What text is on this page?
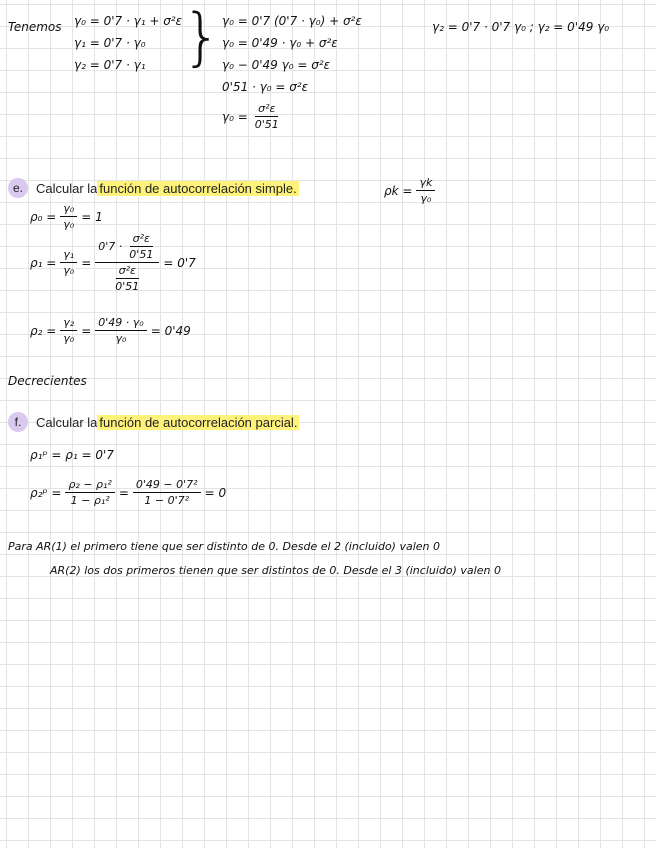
Tenemos γ₀ = 0'7 · γ₁ + σ²ε
γ₁ = 0'7 · γ₀
γ₂ = 0'7 · γ₁ } γ₀ = 0'7 (0'7 · γ₀) + σ²ε
γ₀ = 0'49 · γ₀ + σ²ε
γ₀ − 0'49 γ₀ = σ²ε
0'51 · γ₀ = σ²ε
$\gamma_0 = \frac{\text{σ²ε}}{0'51}$
γ₂ = 0'7 · 0'7 γ₀ ; γ₂ = 0'49 γ₀
e.	Calcular la función de autocorrelación simple.	$\rho k = \frac{\gamma k}{\text{γ₀}}$
$\rho_0 = \frac{\text{γ₀}}{\text{γ₀}} = 1$
$\rho_1 = \frac{\text{γ₁}}{\text{γ₀}} = \frac{0'7 \cdot \frac{\text{σ²ε}}{0'51}}{\frac{\text{σ²ε}}{0'51}} = 0'7$
$\rho_2 = \frac{\text{γ₂}}{\text{γ₀}} = \frac{\text{0'49 · γ₀}}{\text{γ₀}} = 0'49$
Decrecientes
f.	Calcular la función de autocorrelación parcial.
ρ₁ᵖ = ρ₁ = 0'7
ρ₂ᵖ = $\frac{\text{ρ₂ − ρ₁²}}{\text{1 − ρ₁²}} = \frac{\text{0'49 − 0'7²}}{\text{1 − 0'7²}} = 0$
Para AR(1) el primero tiene que ser distinto de 0. Desde el 2 (incluido) valen 0
AR(2) los dos primeros tienen que ser distintos de 0. Desde el 3 (incluido) valen 0
